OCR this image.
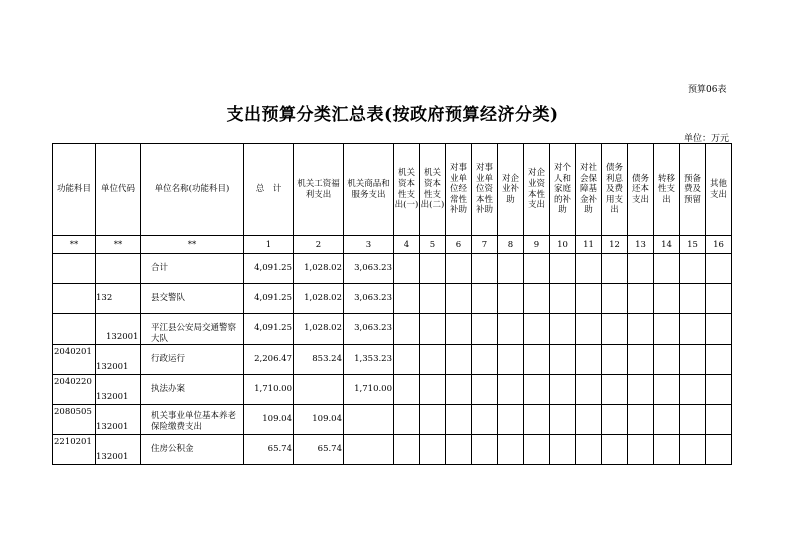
预算06表
支出预算分类汇总表(按政府预算经济分类)
单位：万元
功能科目	单位代码	单位名称(功能科目)	总　计	机关工资福利支出	机关商品和服务支出	机关资本性支出(一)	机关资本性支出(二)	对事业单位经常性补助	对事业单位资本性补助	对企业补助	对企业资本性支出	对个人和家庭的补助	对社会保障基金补助	债务利息及费用支出	债务还本支出	转移性支出	预备费及预留	其他支出
**	**	**	1	2	3	4	5	6	7	8	9	10	11	12	13	14	15	16
		合计	4,091.25	1,028.02	3,063.23													
	132	县交警队	4,091.25	1,028.02	3,063.23													
	132001	平江县公安局交通警察大队	4,091.25	1,028.02	3,063.23													
2040201	132001	行政运行	2,206.47	853.24	1,353.23													
2040220	132001	执法办案	1,710.00		1,710.00													
2080505	132001	机关事业单位基本养老保险缴费支出	109.04	109.04														
2210201	132001	住房公积金	65.74	65.74														
